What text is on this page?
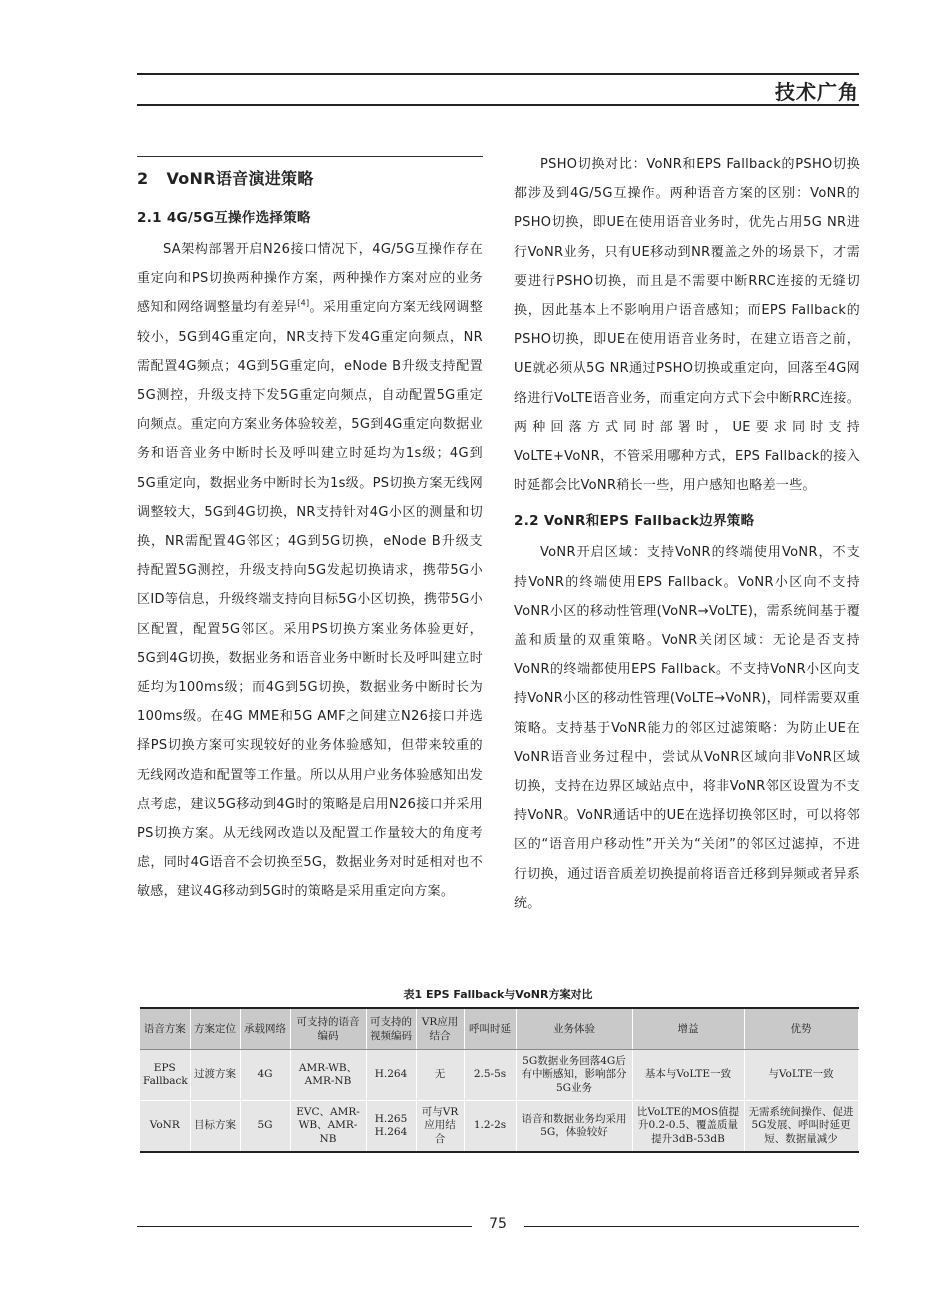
技术广角
2 VoNR语音演进策略
2.1 4G/5G互操作选择策略

SA架构部署开启N26接口情况下，4G/5G互操作存在重定向和PS切换两种操作方案，两种操作方案对应的业务感知和网络调整量均有差异[4]。采用重定向方案无线网调整较小，5G到4G重定向，NR支持下发4G重定向频点，NR需配置4G频点；4G到5G重定向，eNode B升级支持配置5G测控，升级支持下发5G重定向频点，自动配置5G重定向频点。重定向方案业务体验较差，5G到4G重定向数据业务和语音业务中断时长及呼叫建立时延均为1s级；4G到5G重定向，数据业务中断时长为1s级。PS切换方案无线网调整较大，5G到4G切换，NR支持针对4G小区的测量和切换，NR需配置4G邻区；4G到5G切换，eNode B升级支持配置5G测控，升级支持向5G发起切换请求，携带5G小区ID等信息，升级终端支持向目标5G小区切换，携带5G小区配置，配置5G邻区。采用PS切换方案业务体验更好，5G到4G切换，数据业务和语音业务中断时长及呼叫建立时延均为100ms级；而4G到5G切换，数据业务中断时长为100ms级。在4G MME和5G AMF之间建立N26接口并选择PS切换方案可实现较好的业务体验感知，但带来较重的无线网改造和配置等工作量。所以从用户业务体验感知出发点考虑，建议5G移动到4G时的策略是启用N26接口并采用PS切换方案。从无线网改造以及配置工作量较大的角度考虑，同时4G语音不会切换至5G，数据业务对时延相对也不敏感，建议4G移动到5G时的策略是采用重定向方案。

PSHO切换对比：VoNR和EPS Fallback的PSHO切换都涉及到4G/5G互操作。两种语音方案的区别：VoNR的PSHO切换，即UE在使用语音业务时，优先占用5G NR进行VoNR业务，只有UE移动到NR覆盖之外的场景下，才需要进行PSHO切换，而且是不需要中断RRC连接的无缝切换，因此基本上不影响用户语音感知；而EPS Fallback的PSHO切换，即UE在使用语音业务时，在建立语音之前，UE就必须从5G NR通过PSHO切换或重定向，回落至4G网络进行VoLTE语音业务，而重定向方式下会中断RRC连接。两种回落方式同时部署时，UE要求同时支持VoLTE+VoNR，不管采用哪种方式，EPS Fallback的接入时延都会比VoNR稍长一些，用户感知也略差一些。

2.2 VoNR和EPS Fallback边界策略

VoNR开启区域：支持VoNR的终端使用VoNR，不支持VoNR的终端使用EPS Fallback。VoNR小区向不支持VoNR小区的移动性管理(VoNR→VoLTE)，需系统间基于覆盖和质量的双重策略。VoNR关闭区域：无论是否支持VoNR的终端都使用EPS Fallback。不支持VoNR小区向支持VoNR小区的移动性管理(VoLTE→VoNR)，同样需要双重策略。支持基于VoNR能力的邻区过滤策略：为防止UE在VoNR语音业务过程中，尝试从VoNR区域向非VoNR区域切换，支持在边界区域站点中，将非VoNR邻区设置为不支持VoNR。VoNR通话中的UE在选择切换邻区时，可以将邻区的“语音用户移动性”开关为“关闭”的邻区过滤掉，不进行切换，通过语音质差切换提前将语音迁移到异频或者异系统。

表1 EPS Fallback与VoNR方案对比
语音方案	方案定位	承载网络	可支持的语音编码	可支持的视频编码	VR应用结合	呼叫时延	业务体验	增益	优势
EPS Fallback	过渡方案	4G	AMR-WB、AMR-NB	H.264	无	2.5-5s	5G数据业务回落4G后有中断感知，影响部分5G业务	基本与VoLTE一致	与VoLTE一致
VoNR	目标方案	5G	EVC、AMR-WB、AMR-NB	H.265 H.264	可与VR应用结合	1.2-2s	语音和数据业务均采用5G，体验较好	比VoLTE的MOS值提升0.2-0.5、覆盖质量提升3dB-53dB	无需系统间操作、促进5G发展、呼叫时延更短、数据量减少
75
